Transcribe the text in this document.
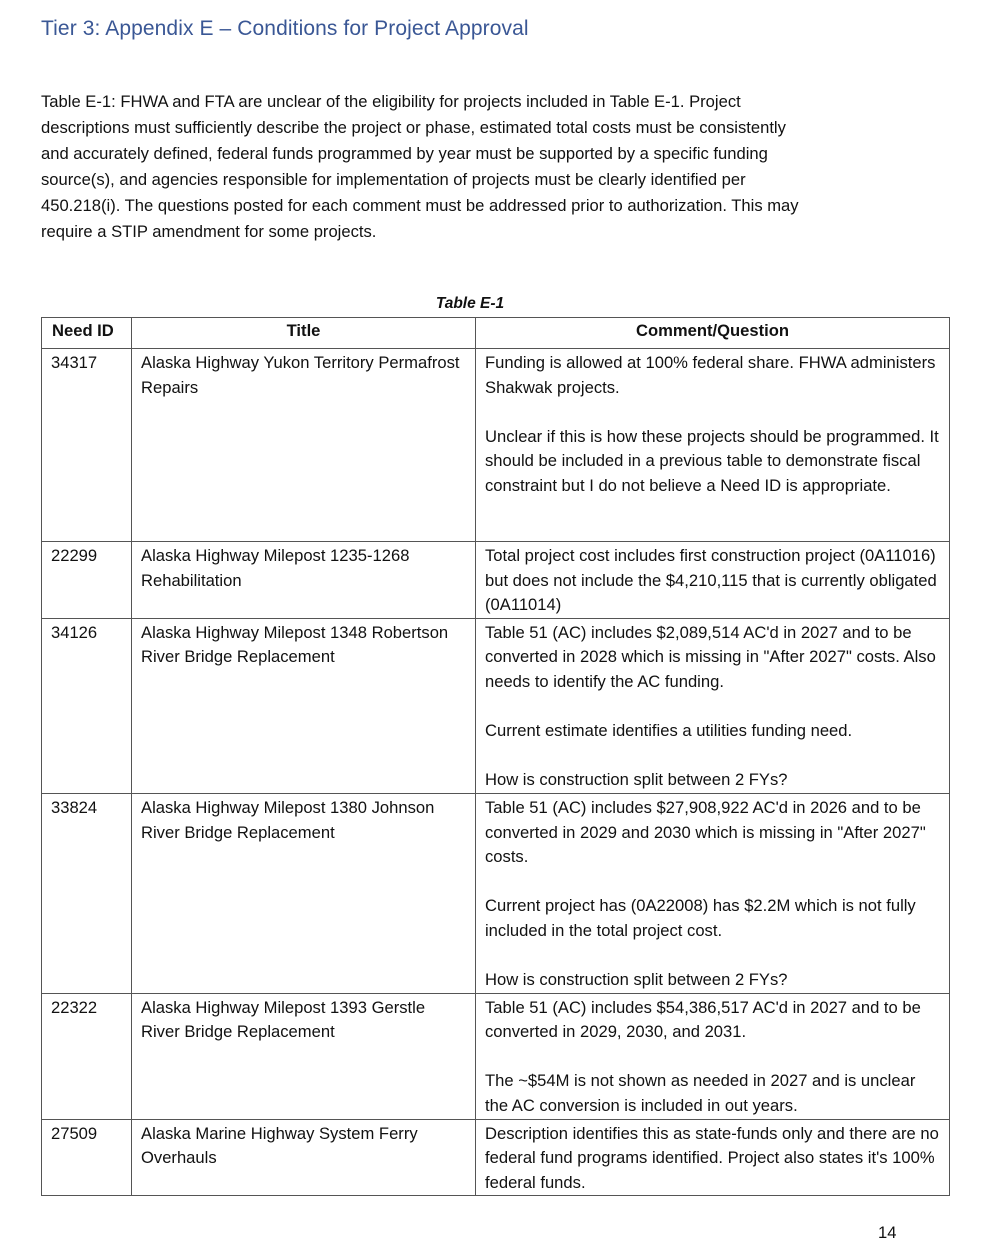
Tier 3: Appendix E – Conditions for Project Approval

Table E-1: FHWA and FTA are unclear of the eligibility for projects included in Table E-1. Project
descriptions must sufficiently describe the project or phase, estimated total costs must be consistently
and accurately defined, federal funds programmed by year must be supported by a specific funding
source(s), and agencies responsible for implementation of projects must be clearly identified per
450.218(i). The questions posted for each comment must be addressed prior to authorization. This may
require a STIP amendment for some projects.

Table E-1

Need ID	Title	Comment/Question

34317	Alaska Highway Yukon Territory Permafrost Repairs	Funding is allowed at 100% federal share. FHWA administers Shakwak projects.

Unclear if this is how these projects should be programmed. It should be included in a previous table to demonstrate fiscal constraint but I do not believe a Need ID is appropriate.

22299	Alaska Highway Milepost 1235-1268 Rehabilitation	Total project cost includes first construction project (0A11016) but does not include the $4,210,115 that is currently obligated (0A11014)

34126	Alaska Highway Milepost 1348 Robertson River Bridge Replacement	Table 51 (AC) includes $2,089,514 AC'd in 2027 and to be converted in 2028 which is missing in "After 2027" costs. Also needs to identify the AC funding.

Current estimate identifies a utilities funding need.

How is construction split between 2 FYs?

33824	Alaska Highway Milepost 1380 Johnson River Bridge Replacement	Table 51 (AC) includes $27,908,922 AC'd in 2026 and to be converted in 2029 and 2030 which is missing in "After 2027" costs.

Current project has (0A22008) has $2.2M which is not fully included in the total project cost.

How is construction split between 2 FYs?

22322	Alaska Highway Milepost 1393 Gerstle River Bridge Replacement	Table 51 (AC) includes $54,386,517 AC'd in 2027 and to be converted in 2029, 2030, and 2031.

The ~$54M is not shown as needed in 2027 and is unclear the AC conversion is included in out years.

27509	Alaska Marine Highway System Ferry Overhauls	Description identifies this as state-funds only and there are no federal fund programs identified. Project also states it's 100% federal funds.

14
